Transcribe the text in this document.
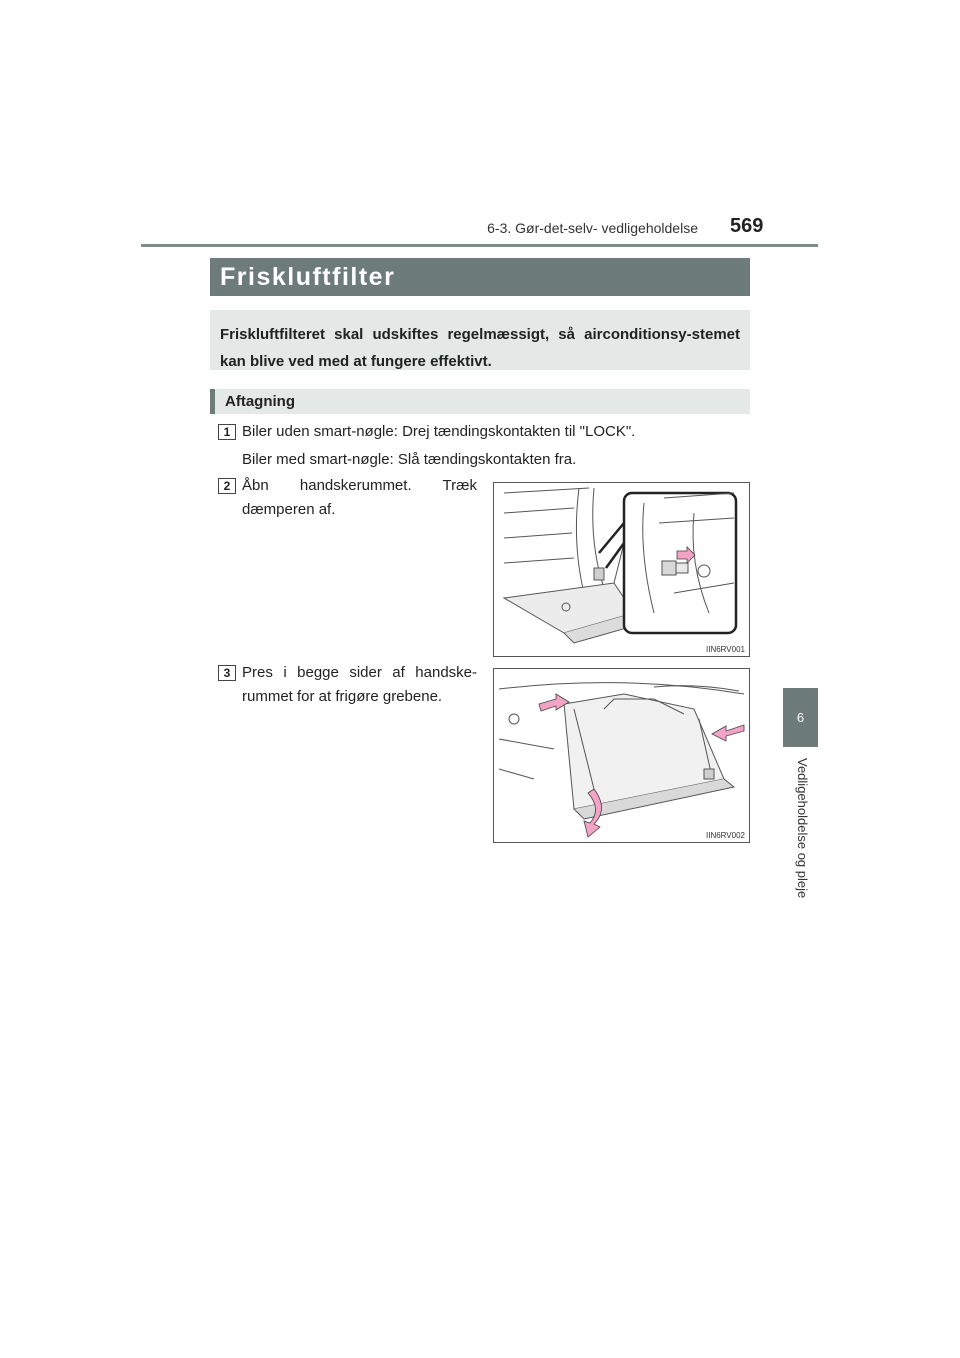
6-3. Gør-det-selv- vedligeholdelse 569
6
Vedligeholdelse og pleje
Friskluftfilter
Friskluftfilteret skal udskiftes regelmæssigt, så airconditionsy-stemet kan blive ved med at fungere effektivt.
Aftagning
1 Biler uden smart-nøgle: Drej tændingskontakten til "LOCK".
Biler med smart-nøgle: Slå tændingskontakten fra.
2 Åbn handskerummet. Træk dæmperen af.
3 Pres i begge sider af handske-rummet for at frigøre grebene.
IIN6RV001
IIN6RV002
